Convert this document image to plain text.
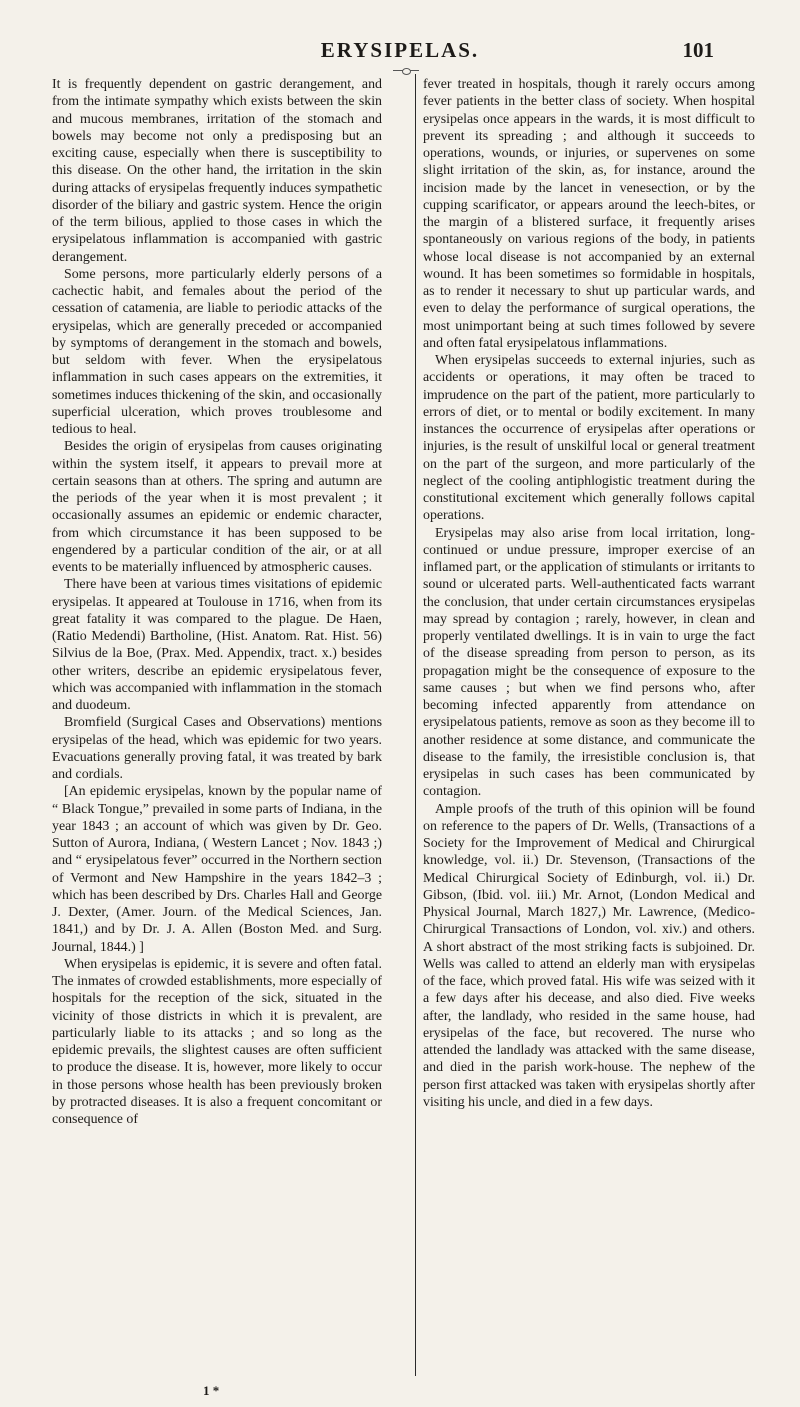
ERYSIPELAS.	101

It is frequently dependent on gastric derangement, and from the intimate sympathy which exists between the skin and mucous membranes, irritation of the stomach and bowels may become not only a predisposing but an exciting cause, especially when there is susceptibility to this disease. On the other hand, the irritation in the skin during attacks of erysipelas frequently induces sympathetic disorder of the biliary and gastric system. Hence the origin of the term bilious, applied to those cases in which the erysipelatous inflammation is accompanied with gastric derangement.

Some persons, more particularly elderly persons of a cachectic habit, and females about the period of the cessation of catamenia, are liable to periodic attacks of the erysipelas, which are generally preceded or accompanied by symptoms of derangement in the stomach and bowels, but seldom with fever. When the erysipelatous inflammation in such cases appears on the extremities, it sometimes induces thickening of the skin, and occasionally superficial ulceration, which proves troublesome and tedious to heal.

Besides the origin of erysipelas from causes originating within the system itself, it appears to prevail more at certain seasons than at others. The spring and autumn are the periods of the year when it is most prevalent ; it occasionally assumes an epidemic or endemic character, from which circumstance it has been supposed to be engendered by a particular condition of the air, or at all events to be materially influenced by atmospheric causes.

There have been at various times visitations of epidemic erysipelas. It appeared at Toulouse in 1716, when from its great fatality it was compared to the plague. De Haen, (Ratio Medendi) Bartholine, (Hist. Anatom. Rat. Hist. 56) Silvius de la Boe, (Prax. Med. Appendix, tract. x.) besides other writers, describe an epidemic erysipelatous fever, which was accompanied with inflammation in the stomach and duodeum.

Bromfield (Surgical Cases and Observations) mentions erysipelas of the head, which was epidemic for two years. Evacuations generally proving fatal, it was treated by bark and cordials.

[An epidemic erysipelas, known by the popular name of “ Black Tongue,” prevailed in some parts of Indiana, in the year 1843 ; an account of which was given by Dr. Geo. Sutton of Aurora, Indiana, ( Western Lancet ; Nov. 1843 ;) and “ erysipelatous fever” occurred in the Northern section of Vermont and New Hampshire in the years 1842–3 ; which has been described by Drs. Charles Hall and George J. Dexter, (Amer. Journ. of the Medical Sciences, Jan. 1841,) and by Dr. J. A. Allen (Boston Med. and Surg. Journal, 1844.) ]

When erysipelas is epidemic, it is severe and often fatal. The inmates of crowded establishments, more especially of hospitals for the reception of the sick, situated in the vicinity of those districts in which it is prevalent, are particularly liable to its attacks ; and so long as the epidemic prevails, the slightest causes are often sufficient to produce the disease. It is, however, more likely to occur in those persons whose health has been previously broken by protracted diseases. It is also a frequent concomitant or consequence of

fever treated in hospitals, though it rarely occurs among fever patients in the better class of society. When hospital erysipelas once appears in the wards, it is most difficult to prevent its spreading ; and although it succeeds to operations, wounds, or injuries, or supervenes on some slight irritation of the skin, as, for instance, around the incision made by the lancet in venesection, or by the cupping scarificator, or appears around the leech-bites, or the margin of a blistered surface, it frequently arises spontaneously on various regions of the body, in patients whose local disease is not accompanied by an external wound. It has been sometimes so formidable in hospitals, as to render it necessary to shut up particular wards, and even to delay the performance of surgical operations, the most unimportant being at such times followed by severe and often fatal erysipelatous inflammations.

When erysipelas succeeds to external injuries, such as accidents or operations, it may often be traced to imprudence on the part of the patient, more particularly to errors of diet, or to mental or bodily excitement. In many instances the occurrence of erysipelas after operations or injuries, is the result of unskilful local or general treatment on the part of the surgeon, and more particularly of the neglect of the cooling antiphlogistic treatment during the constitutional excitement which generally follows capital operations.

Erysipelas may also arise from local irritation, long-continued or undue pressure, improper exercise of an inflamed part, or the application of stimulants or irritants to sound or ulcerated parts. Well-authenticated facts warrant the conclusion, that under certain circumstances erysipelas may spread by contagion ; rarely, however, in clean and properly ventilated dwellings. It is in vain to urge the fact of the disease spreading from person to person, as its propagation might be the consequence of exposure to the same causes ; but when we find persons who, after becoming infected apparently from attendance on erysipelatous patients, remove as soon as they become ill to another residence at some distance, and communicate the disease to the family, the irresistible conclusion is, that erysipelas in such cases has been communicated by contagion.

Ample proofs of the truth of this opinion will be found on reference to the papers of Dr. Wells, (Transactions of a Society for the Improvement of Medical and Chirurgical knowledge, vol. ii.) Dr. Stevenson, (Transactions of the Medical Chirurgical Society of Edinburgh, vol. ii.) Dr. Gibson, (Ibid. vol. iii.) Mr. Arnot, (London Medical and Physical Journal, March 1827,) Mr. Lawrence, (Medico-Chirurgical Transactions of London, vol. xiv.) and others. A short abstract of the most striking facts is subjoined. Dr. Wells was called to attend an elderly man with erysipelas of the face, which proved fatal. His wife was seized with it a few days after his decease, and also died. Five weeks after, the landlady, who resided in the same house, had erysipelas of the face, but recovered. The nurse who attended the landlady was attacked with the same disease, and died in the parish work-house. The nephew of the person first attacked was taken with erysipelas shortly after visiting his uncle, and died in a few days.

1 *
